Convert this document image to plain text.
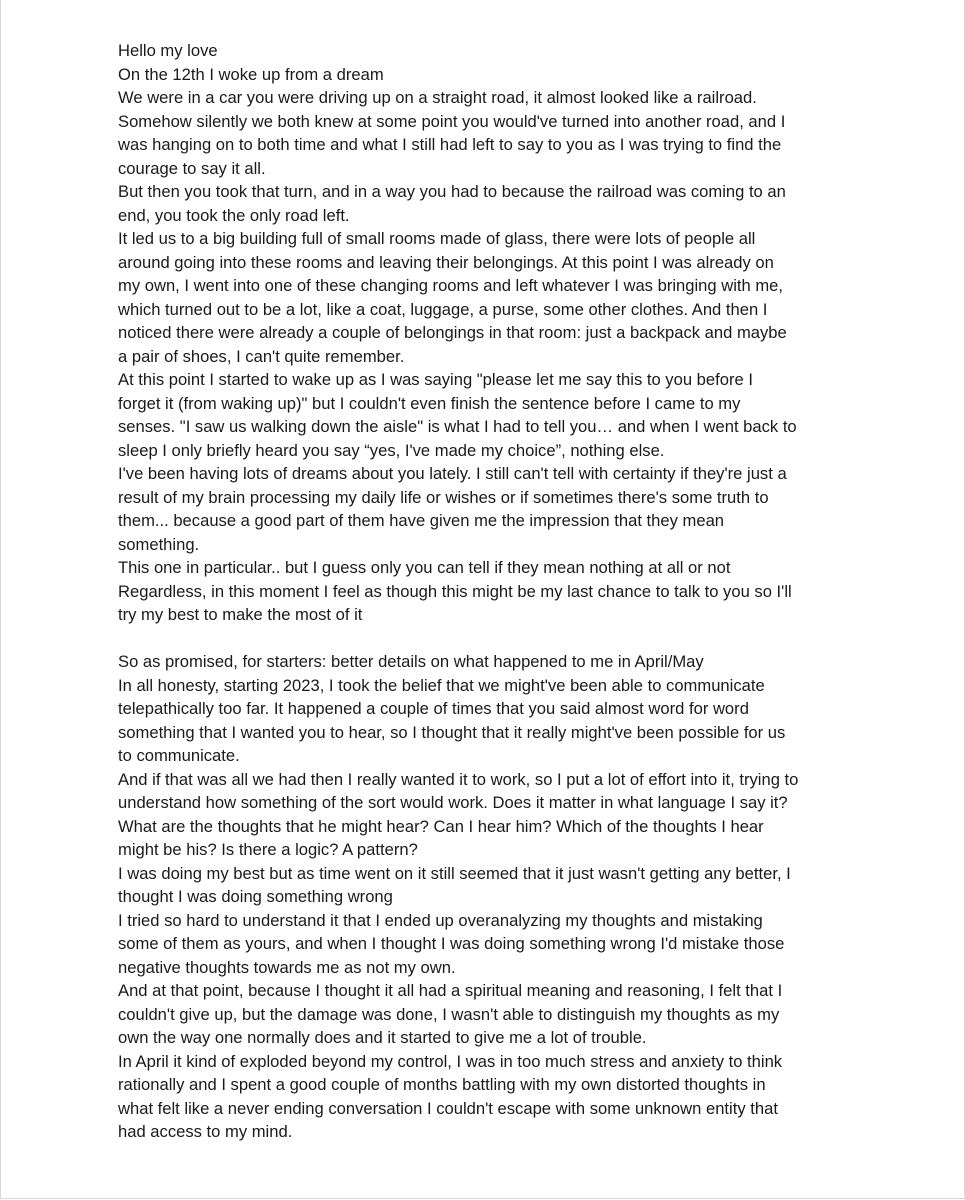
Hello my love
On the 12th I woke up from a dream
We were in a car you were driving up on a straight road, it almost looked like a railroad.
Somehow silently we both knew at some point you would've turned into another road, and I
was hanging on to both time and what I still had left to say to you as I was trying to find the
courage to say it all.
But then you took that turn, and in a way you had to because the railroad was coming to an
end, you took the only road left.
It led us to a big building full of small rooms made of glass, there were lots of people all
around going into these rooms and leaving their belongings. At this point I was already on
my own, I went into one of these changing rooms and left whatever I was bringing with me,
which turned out to be a lot, like a coat, luggage, a purse, some other clothes. And then I
noticed there were already a couple of belongings in that room: just a backpack and maybe
a pair of shoes, I can't quite remember.
At this point I started to wake up as I was saying "please let me say this to you before I
forget it (from waking up)" but I couldn't even finish the sentence before I came to my
senses. "I saw us walking down the aisle" is what I had to tell you… and when I went back to
sleep I only briefly heard you say “yes, I've made my choice”, nothing else.
I've been having lots of dreams about you lately. I still can't tell with certainty if they're just a
result of my brain processing my daily life or wishes or if sometimes there's some truth to
them... because a good part of them have given me the impression that they mean
something.
This one in particular.. but I guess only you can tell if they mean nothing at all or not
Regardless, in this moment I feel as though this might be my last chance to talk to you so I'll
try my best to make the most of it
So as promised, for starters: better details on what happened to me in April/May
In all honesty, starting 2023, I took the belief that we might've been able to communicate
telepathically too far. It happened a couple of times that you said almost word for word
something that I wanted you to hear, so I thought that it really might've been possible for us
to communicate.
And if that was all we had then I really wanted it to work, so I put a lot of effort into it, trying to
understand how something of the sort would work. Does it matter in what language I say it?
What are the thoughts that he might hear? Can I hear him? Which of the thoughts I hear
might be his? Is there a logic? A pattern?
I was doing my best but as time went on it still seemed that it just wasn't getting any better, I
thought I was doing something wrong
I tried so hard to understand it that I ended up overanalyzing my thoughts and mistaking
some of them as yours, and when I thought I was doing something wrong I'd mistake those
negative thoughts towards me as not my own.
And at that point, because I thought it all had a spiritual meaning and reasoning, I felt that I
couldn't give up, but the damage was done, I wasn't able to distinguish my thoughts as my
own the way one normally does and it started to give me a lot of trouble.
In April it kind of exploded beyond my control, I was in too much stress and anxiety to think
rationally and I spent a good couple of months battling with my own distorted thoughts in
what felt like a never ending conversation I couldn't escape with some unknown entity that
had access to my mind.
